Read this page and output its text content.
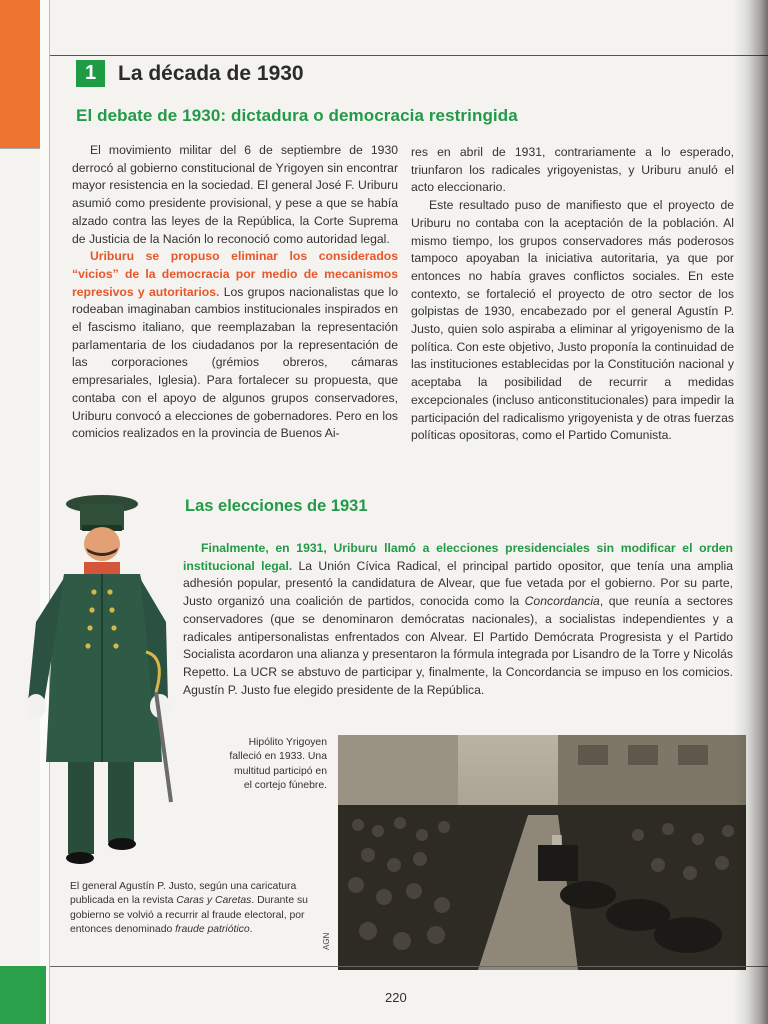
1	La década de 1930
El debate de 1930: dictadura o democracia restringida

El movimiento militar del 6 de septiembre de 1930 derrocó al gobierno constitucional de Yrigoyen sin encontrar mayor resistencia en la sociedad. El general José F. Uriburu asumió como presidente provisional, y pese a que se había alzado contra las leyes de la República, la Corte Suprema de Justicia de la Nación lo reconoció como autoridad legal.

Uriburu se propuso eliminar los considerados “vicios” de la democracia por medio de mecanismos represivos y autoritarios. Los grupos nacionalistas que lo rodeaban imaginaban cambios institucionales inspirados en el fascismo italiano, que reemplazaban la representación parlamentaria de los ciudadanos por la representación de las corporaciones (grémios obreros, cámaras empresariales, Iglesia). Para fortalecer su propuesta, que contaba con el apoyo de algunos grupos conservadores, Uriburu convocó a elecciones de gobernadores. Pero en los comicios realizados en la provincia de Buenos Ai-

res en abril de 1931, contrariamente a lo esperado, triunfaron los radicales yrigoyenistas, y Uriburu anuló el acto eleccionario.

Este resultado puso de manifiesto que el proyecto de Uriburu no contaba con la aceptación de la población. Al mismo tiempo, los grupos conservadores más poderosos tampoco apoyaban la iniciativa autoritaria, ya que por entonces no había graves conflictos sociales. En este contexto, se fortaleció el proyecto de otro sector de los golpistas de 1930, encabezado por el general Agustín P. Justo, quien solo aspiraba a eliminar al yrigoyenismo de la política. Con este objetivo, Justo proponía la continuidad de las instituciones establecidas por la Constitución nacional y aceptaba la posibilidad de recurrir a medidas excepcionales (incluso anticonstitucionales) para impedir la participación del radicalismo yrigoyenista y de otras fuerzas políticas opositoras, como el Partido Comunista.

Las elecciones de 1931

Finalmente, en 1931, Uriburu llamó a elecciones presidenciales sin modificar el orden institucional legal. La Unión Cívica Radical, el principal partido opositor, que tenía una amplia adhesión popular, presentó la candidatura de Alvear, que fue vetada por el gobierno. Por su parte, Justo organizó una coalición de partidos, conocida como la Concordancia, que reunía a sectores conservadores (que se denominaron demócratas nacionales), a socialistas independientes y a radicales antipersonalistas enfrentados con Alvear. El Partido Demócrata Progresista y el Partido Socialista acordaron una alianza y presentaron la fórmula integrada por Lisandro de la Torre y Nicolás Repetto. La UCR se abstuvo de participar y, finalmente, la Concordancia se impuso en los comicios. Agustín P. Justo fue elegido presidente de la República.

Hipólito Yrigoyen falleció en 1933. Una multitud participó en el cortejo fúnebre.
AGN
El general Agustín P. Justo, según una caricatura publicada en la revista Caras y Caretas. Durante su gobierno se volvió a recurrir al fraude electoral, por entonces denominado fraude patriótico.
220
